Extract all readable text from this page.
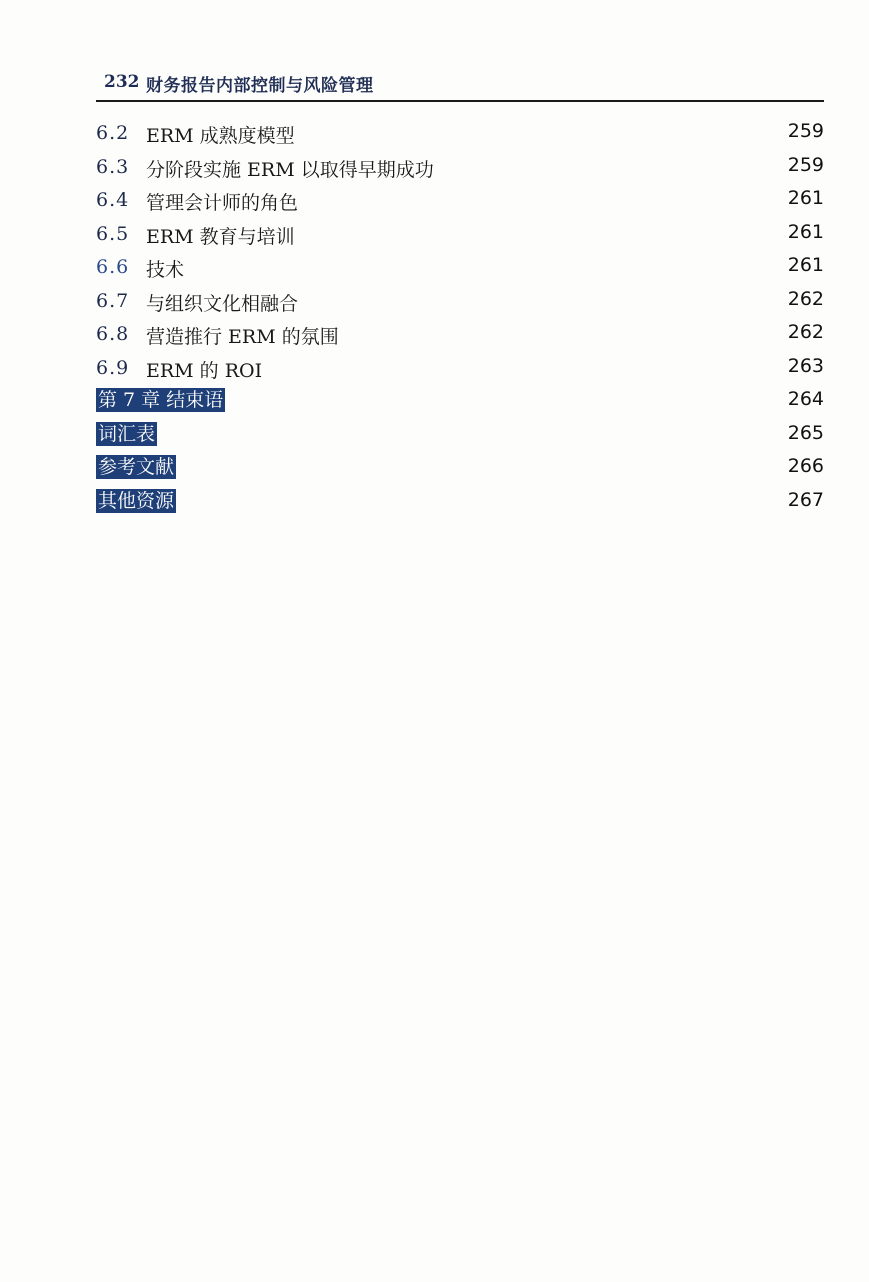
232 财务报告内部控制与风险管理
6.2 ERM 成熟度模型	259
6.3 分阶段实施 ERM 以取得早期成功	259
6.4 管理会计师的角色	261
6.5 ERM 教育与培训	261
6.6 技术	261
6.7 与组织文化相融合	262
6.8 营造推行 ERM 的氛围	262
6.9 ERM 的 ROI	263
第 7 章 结束语	264
词汇表	265
参考文献	266
其他资源	267
